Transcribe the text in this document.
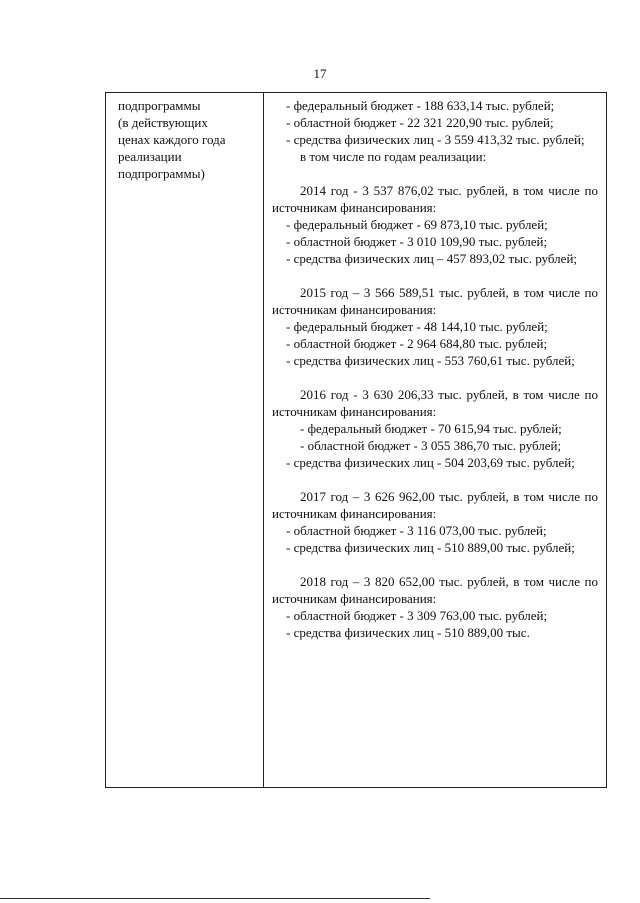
17
подпрограммы
(в действующих
ценах каждого года
реализации
подпрограммы)
- федеральный бюджет - 188 633,14 тыс. рублей;
- областной бюджет - 22 321 220,90 тыс. рублей;
- средства физических лиц - 3 559 413,32 тыс. рублей;
в том числе по годам реализации:
2014 год - 3 537 876,02 тыс. рублей, в том числе по источникам финансирования:
- федеральный бюджет - 69 873,10 тыс. рублей;
- областной бюджет - 3 010 109,90 тыс. рублей;
- средства физических лиц – 457 893,02 тыс. рублей;
2015 год – 3 566 589,51 тыс. рублей, в том числе по источникам финансирования:
- федеральный бюджет - 48 144,10 тыс. рублей;
- областной бюджет - 2 964 684,80 тыс. рублей;
- средства физических лиц - 553 760,61 тыс. рублей;
2016 год - 3 630 206,33 тыс. рублей, в том числе по источникам финансирования:
- федеральный бюджет - 70 615,94 тыс. рублей;
- областной бюджет - 3 055 386,70 тыс. рублей;
- средства физических лиц - 504 203,69 тыс. рублей;
2017 год – 3 626 962,00 тыс. рублей, в том числе по источникам финансирования:
- областной бюджет - 3 116 073,00 тыс. рублей;
- средства физических лиц - 510 889,00 тыс. рублей;
2018 год – 3 820 652,00 тыс. рублей, в том числе по источникам финансирования:
- областной бюджет - 3 309 763,00 тыс. рублей;
- средства физических лиц - 510 889,00 тыс.
